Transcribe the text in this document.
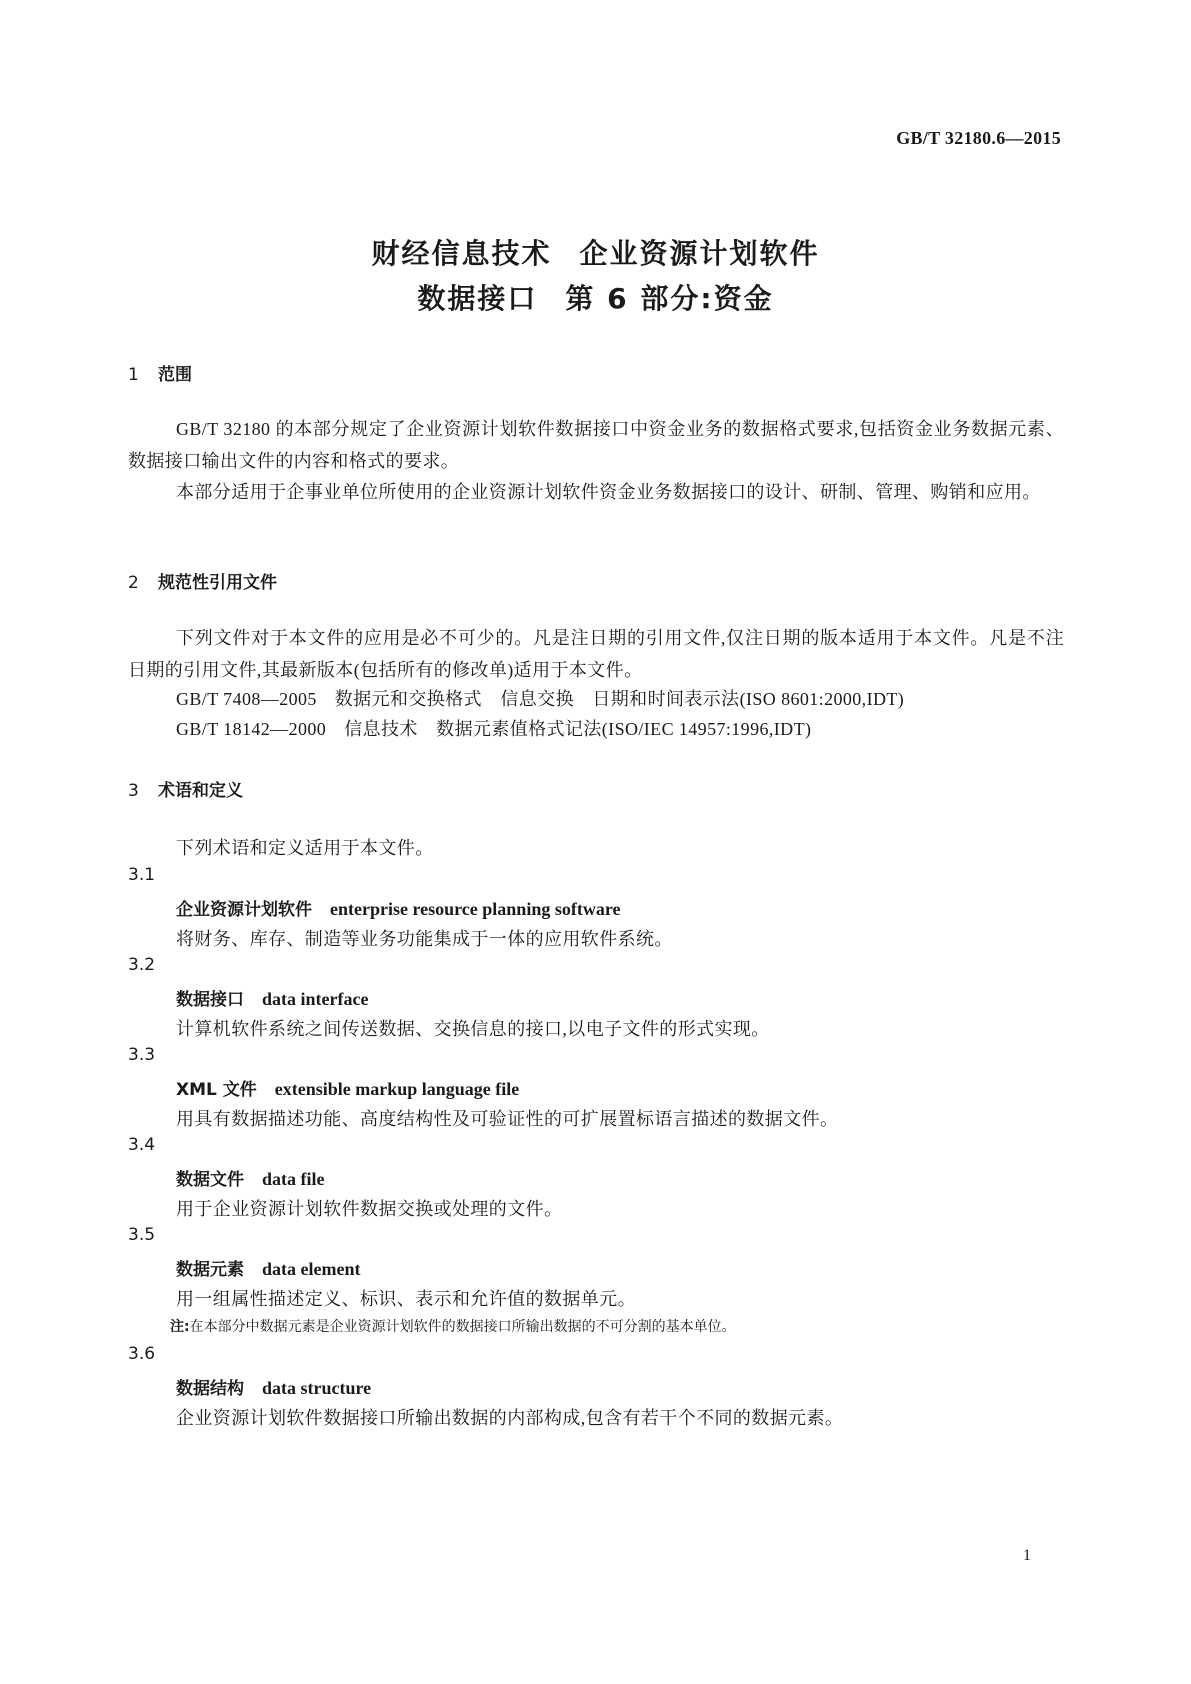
GB/T 32180.6—2015
财经信息技术 企业资源计划软件
数据接口 第 6 部分:资金
1 范围
GB/T 32180 的本部分规定了企业资源计划软件数据接口中资金业务的数据格式要求,包括资金业务数据元素、数据接口输出文件的内容和格式的要求。
本部分适用于企事业单位所使用的企业资源计划软件资金业务数据接口的设计、研制、管理、购销和应用。
2 规范性引用文件
下列文件对于本文件的应用是必不可少的。凡是注日期的引用文件,仅注日期的版本适用于本文件。凡是不注日期的引用文件,其最新版本(包括所有的修改单)适用于本文件。
GB/T 7408—2005 数据元和交换格式　信息交换　日期和时间表示法(ISO 8601:2000,IDT)
GB/T 18142—2000 信息技术　数据元素值格式记法(ISO/IEC 14957:1996,IDT)
3 术语和定义
下列术语和定义适用于本文件。
3.1
企业资源计划软件 enterprise resource planning software
将财务、库存、制造等业务功能集成于一体的应用软件系统。
3.2
数据接口 data interface
计算机软件系统之间传送数据、交换信息的接口,以电子文件的形式实现。
3.3
XML 文件 extensible markup language file
用具有数据描述功能、高度结构性及可验证性的可扩展置标语言描述的数据文件。
3.4
数据文件 data file
用于企业资源计划软件数据交换或处理的文件。
3.5
数据元素 data element
用一组属性描述定义、标识、表示和允许值的数据单元。
注:在本部分中数据元素是企业资源计划软件的数据接口所输出数据的不可分割的基本单位。
3.6
数据结构 data structure
企业资源计划软件数据接口所输出数据的内部构成,包含有若干个不同的数据元素。
1
